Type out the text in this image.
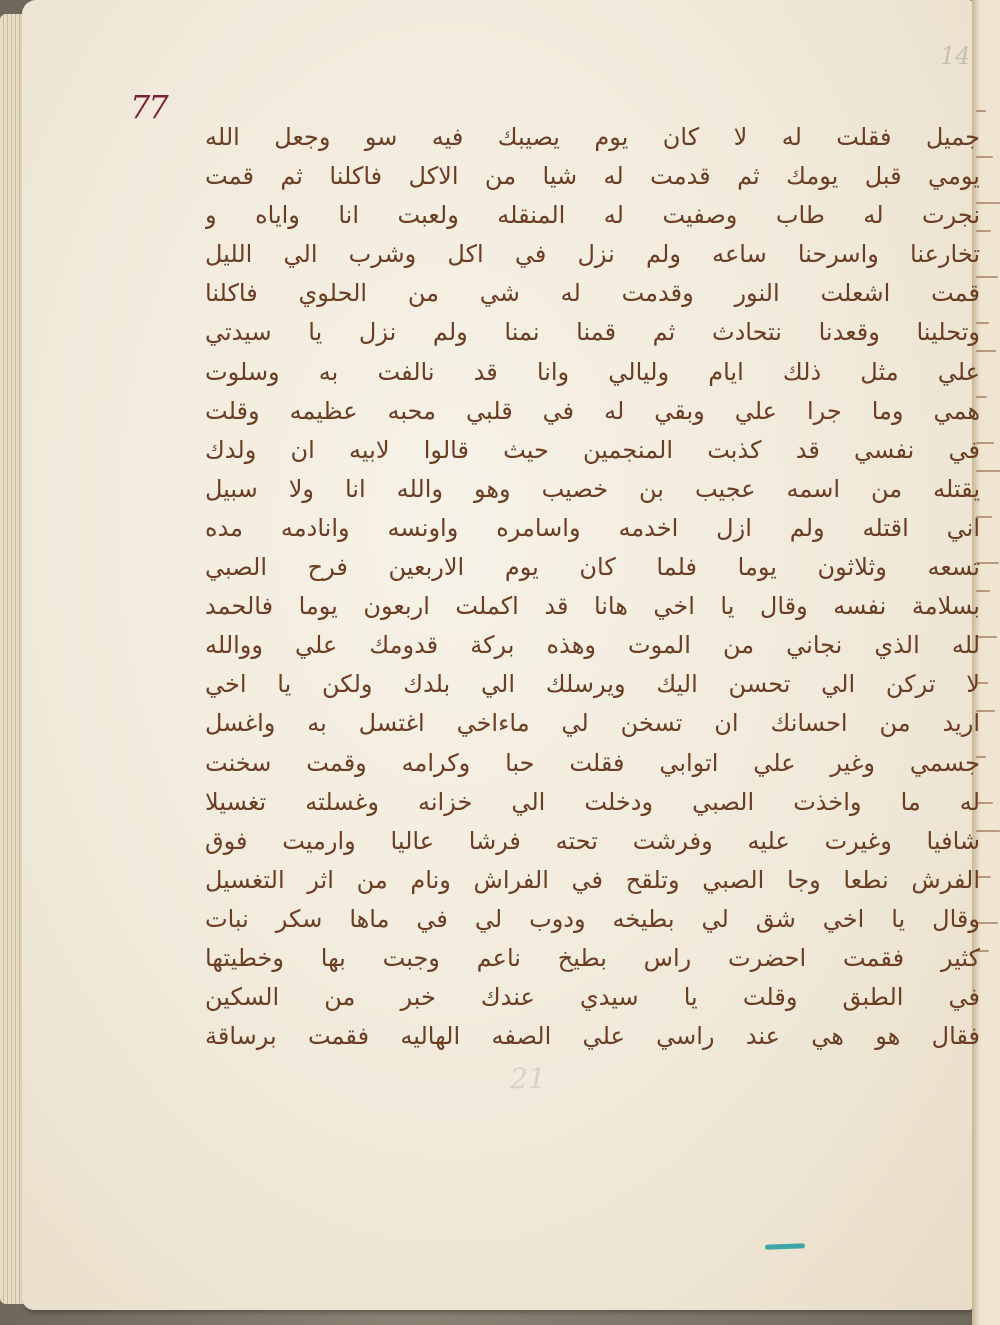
14
77
جميل فقلت له لا كان يوم يصيبك فيه سو وجعل الله
يومي قبل يومك ثم قدمت له شيا من الاكل فاكلنا ثم قمت
نجرت له طاب وصفيت له المنقله ولعبت انا واياه و
تخارعنا واسرحنا ساعه ولم نزل في اكل وشرب الي الليل
قمت اشعلت النور وقدمت له شي من الحلوي فاكلنا
وتحلينا وقعدنا نتحادث ثم قمنا نمنا ولم نزل يا سيدتي
علي مثل ذلك ايام وليالي وانا قد نالفت به وسلوت
همي وما جرا علي وبقي له في قلبي محبه عظيمه وقلت
في نفسي قد كذبت المنجمين حيث قالوا لابيه ان ولدك
يقتله من اسمه عجيب بن خصيب وهو والله انا ولا سبيل
اني اقتله ولم ازل اخدمه واسامره واونسه وانادمه مده
تسعه وثلاثون يوما فلما كان يوم الاربعين فرح الصبي
بسلامة نفسه وقال يا اخي هانا قد اكملت اربعون يوما فالحمد
لله الذي نجاني من الموت وهذه بركة قدومك علي ووالله
لا تركن الي تحسن اليك ويرسلك الي بلدك ولكن يا اخي
اريد من احسانك ان تسخن لي ماءاخي اغتسل به واغسل
جسمي وغير علي اتوابي فقلت حبا وكرامه وقمت سخنت
له ما واخذت الصبي ودخلت الي خزانه وغسلته تغسيلا
شافيا وغيرت عليه وفرشت تحته فرشا عاليا وارميت فوق
الفرش نطعا وجا الصبي وتلقح في الفراش ونام من اثر التغسيل
وقال يا اخي شق لي بطيخه ودوب لي في ماها سكر نبات
كثير فقمت احضرت راس بطيخ ناعم وجبت بها وخطيتها
في الطبق وقلت يا سيدي عندك خبر من السكين
فقال هو هي عند راسي علي الصفه الهاليه فقمت برساقة
21
